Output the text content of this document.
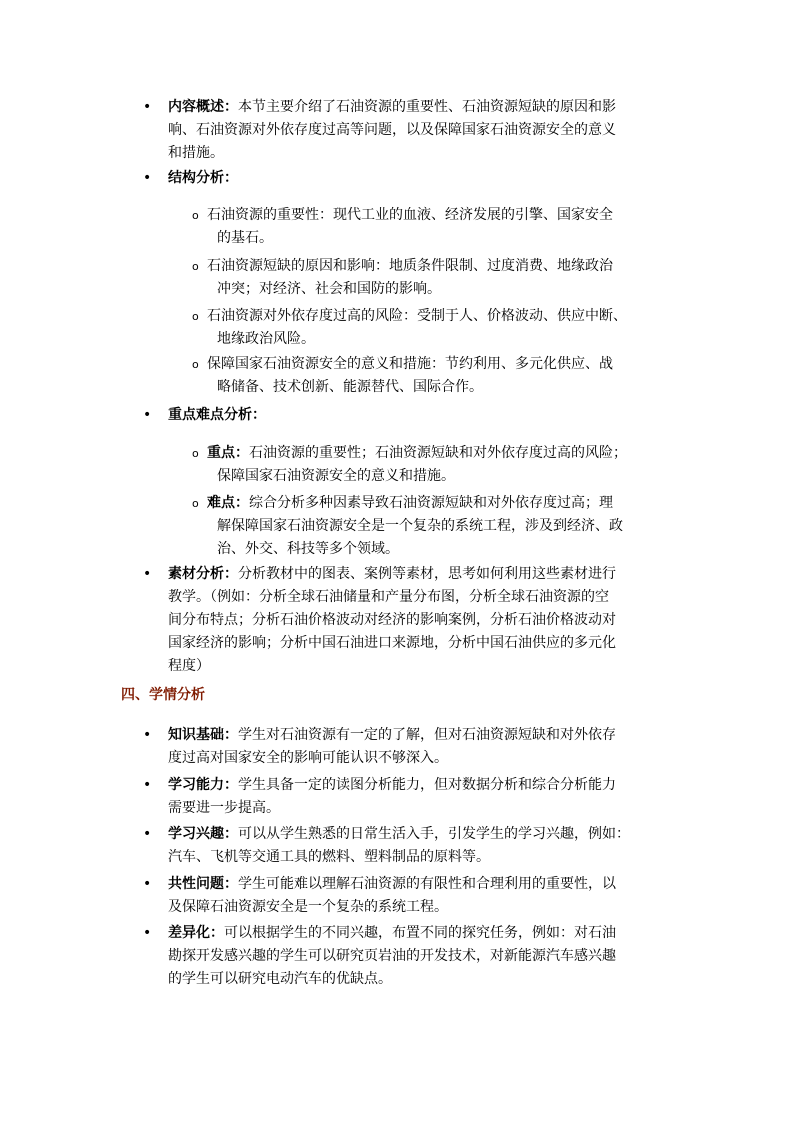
• 内容概述：本节主要介绍了石油资源的重要性、石油资源短缺的原因和影
响、石油资源对外依存度过高等问题，以及保障国家石油资源安全的意义
和措施。
• 结构分析：
o 石油资源的重要性：现代工业的血液、经济发展的引擎、国家安全
的基石。
o 石油资源短缺的原因和影响：地质条件限制、过度消费、地缘政治
冲突；对经济、社会和国防的影响。
o 石油资源对外依存度过高的风险：受制于人、价格波动、供应中断、
地缘政治风险。
o 保障国家石油资源安全的意义和措施：节约利用、多元化供应、战
略储备、技术创新、能源替代、国际合作。
• 重点难点分析：
o 重点：石油资源的重要性；石油资源短缺和对外依存度过高的风险；
保障国家石油资源安全的意义和措施。
o 难点：综合分析多种因素导致石油资源短缺和对外依存度过高；理
解保障国家石油资源安全是一个复杂的系统工程，涉及到经济、政
治、外交、科技等多个领域。
• 素材分析：分析教材中的图表、案例等素材，思考如何利用这些素材进行
教学。（例如：分析全球石油储量和产量分布图，分析全球石油资源的空
间分布特点；分析石油价格波动对经济的影响案例，分析石油价格波动对
国家经济的影响；分析中国石油进口来源地，分析中国石油供应的多元化
程度）
四、学情分析
• 知识基础：学生对石油资源有一定的了解，但对石油资源短缺和对外依存
度过高对国家安全的影响可能认识不够深入。
• 学习能力：学生具备一定的读图分析能力，但对数据分析和综合分析能力
需要进一步提高。
• 学习兴趣：可以从学生熟悉的日常生活入手，引发学生的学习兴趣，例如：
汽车、飞机等交通工具的燃料、塑料制品的原料等。
• 共性问题：学生可能难以理解石油资源的有限性和合理利用的重要性，以
及保障石油资源安全是一个复杂的系统工程。
• 差异化：可以根据学生的不同兴趣，布置不同的探究任务，例如：对石油
勘探开发感兴趣的学生可以研究页岩油的开发技术，对新能源汽车感兴趣
的学生可以研究电动汽车的优缺点。
